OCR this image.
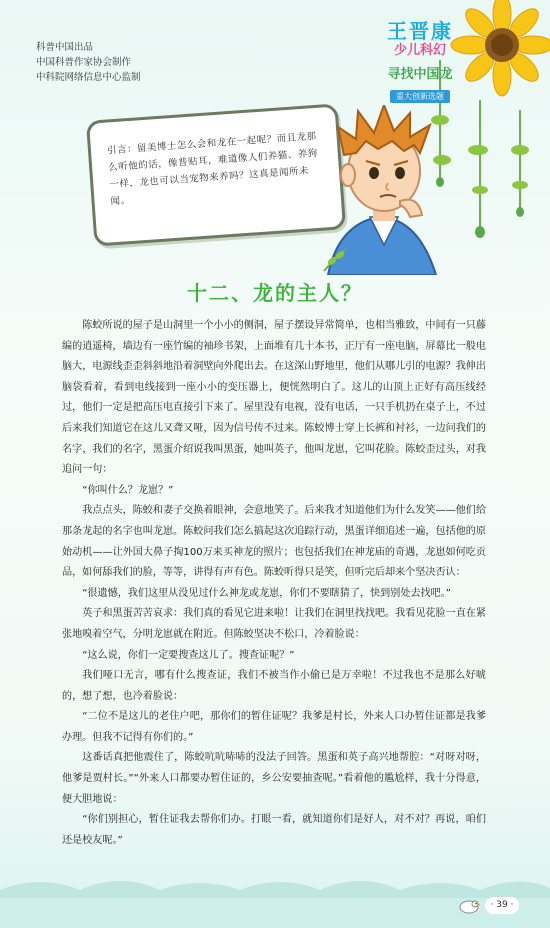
科普中国出品
中国科普作家协会制作
中科院网络信息中心监制
王晋康
少儿科幻
寻找中国龙
重大创新选题
引言：留美博士怎么会和龙在一起呢？而且龙那么听他的话，像普贴耳，难道像人们养猫、养狗一样，龙也可以当宠物来养吗？这真是闻所未闻。
十二、龙的主人？

陈蛟所说的屋子是山洞里一个小小的侧洞，屋子摆设异常简单，也相当雅致，中间有一只藤编的逍遥椅，墙边有一座竹编的袖珍书架，上面堆有几十本书，正厅有一座电脑，屏幕比一般电脑大，电源线歪歪斜斜地沿着洞壁向外爬出去。在这深山野地里，他们从哪儿引的电源？我伸出脑袋看着，看到电线接到一座小小的变压器上，便恍然明白了。这儿的山顶上正好有高压线经过，他们一定是把高压电直接引下来了。屋里没有电视，没有电话，一只手机扔在桌子上，不过后来我们知道它在这儿又聋又哑，因为信号传不过来。陈蛟博士穿上长裤和衬衫，一边问我们的名字，我们的名字，黑蛋介绍说我叫黑蛋，她叫英子，他叫龙崽，它叫花脸。陈蛟歪过头，对我追问一句：

“你叫什么？龙崽？”

我点点头，陈蛟和妻子交换着眼神，会意地笑了。后来我才知道他们为什么发笑——他们给那条龙起的名字也叫龙崽。陈蛟问我们怎么搞起这次追踪行动，黑蛋详细追述一遍，包括他的原始动机——让外国大鼻子掏100万来买神龙的照片；也包括我们在神龙庙的奇遇，龙崽如何吃贡品，如何舔我们的脸，等等，讲得有声有色。陈蛟听得只是笑，但听完后却来个坚决否认：

“很遗憾，我们这里从没见过什么神龙或龙崽，你们不要瞎猜了，快到别处去找吧。”

英子和黑蛋苦苦哀求：我们真的看见它进来啦！让我们在洞里找找吧。我看见花脸一直在紧张地嗅着空气，分明龙崽就在附近。但陈蛟坚决不松口，冷着脸说：

“这么说，你们一定要搜查这儿了。搜查证呢？”

我们哑口无言，哪有什么搜查证，我们不被当作小偷已是万幸啦！不过我也不是那么好唬的，想了想，也冷着脸说：

“二位不是这儿的老住户吧，那你们的暂住证呢？我爹是村长，外来人口办暂住证都是我爹办理。但我不记得有你们的。”

这番话真把他震住了，陈蛟吭吭哧哧的没法子回答。黑蛋和英子高兴地帮腔：“对呀对呀，他爹是贾村长。”“外来人口都要办暂住证的，乡公安要抽查呢。”看着他的尴尬样，我十分得意，便大胆地说：

“你们别担心，暂住证我去帮你们办。打眼一看，就知道你们是好人，对不对？再说，咱们还是校友呢。”

· 39 ·
